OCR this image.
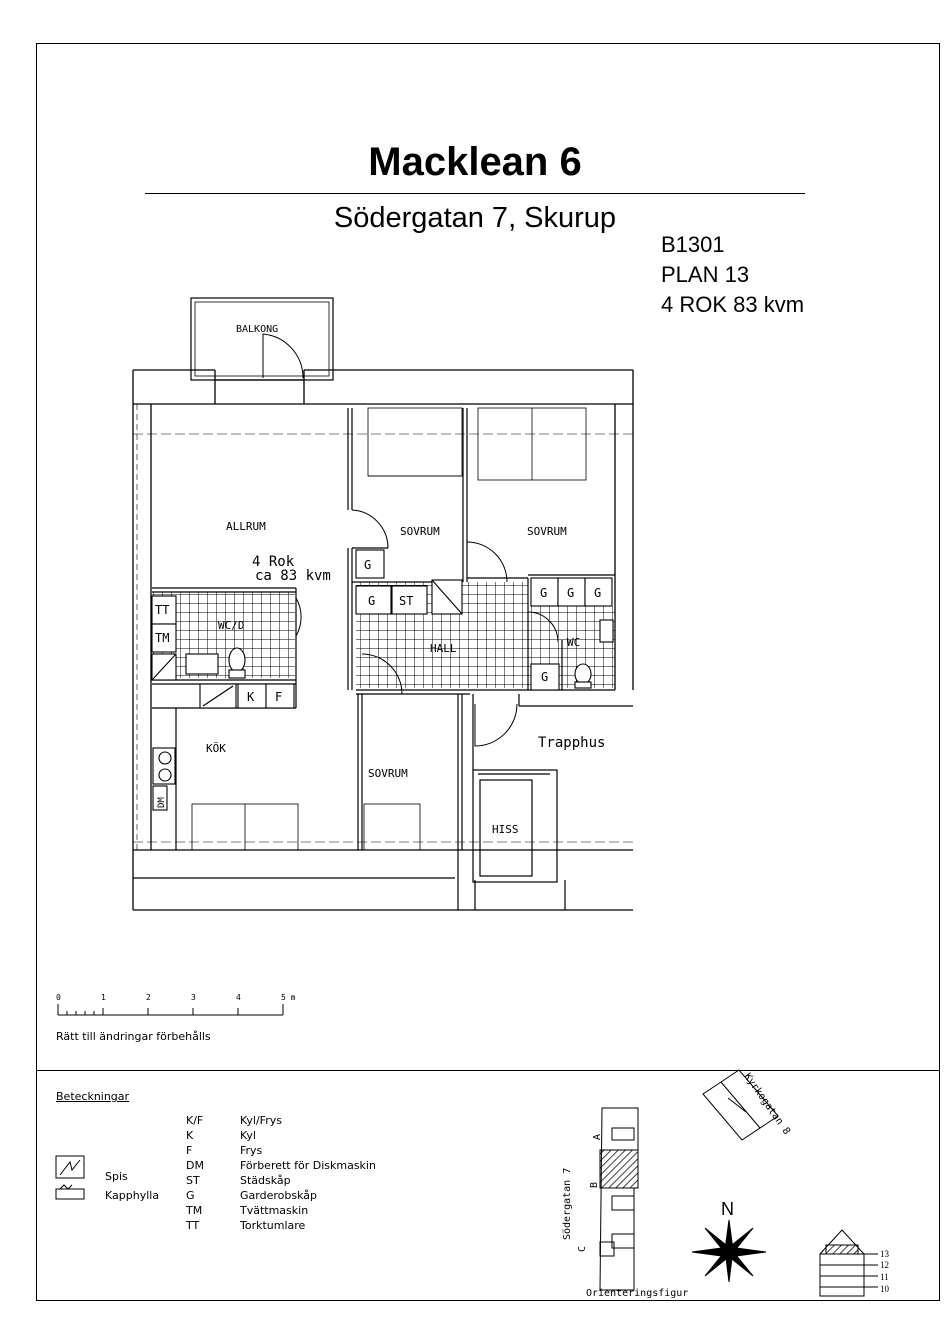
Macklean 6
Södergatan 7, Skurup
B1301
PLAN 13
4 ROK 83 kvm
BALKONG
ALLRUM
4 Rok
ca 83 kvm
SOVRUM	SOVRUM
SOVRUM
HALL	WC
WC/D
KÖK	Trapphus
HISS
G
G ST
G G G
G
TT
TM
K F
DM
0	1	2	3	4	5 m
Södergatan 7
Kyrkogatan 8
A
B
C
Orienteringsfigur
N
13
12
11
10
Rätt till ändringar förbehålls
Beteckningar
Spis
Kapphylla
K/F	Kyl/Frys
K	Kyl
F	Frys
DM	Förberett för Diskmaskin
ST	Städskåp
G	Garderobskåp
TM	Tvättmaskin
TT	Torktumlare
